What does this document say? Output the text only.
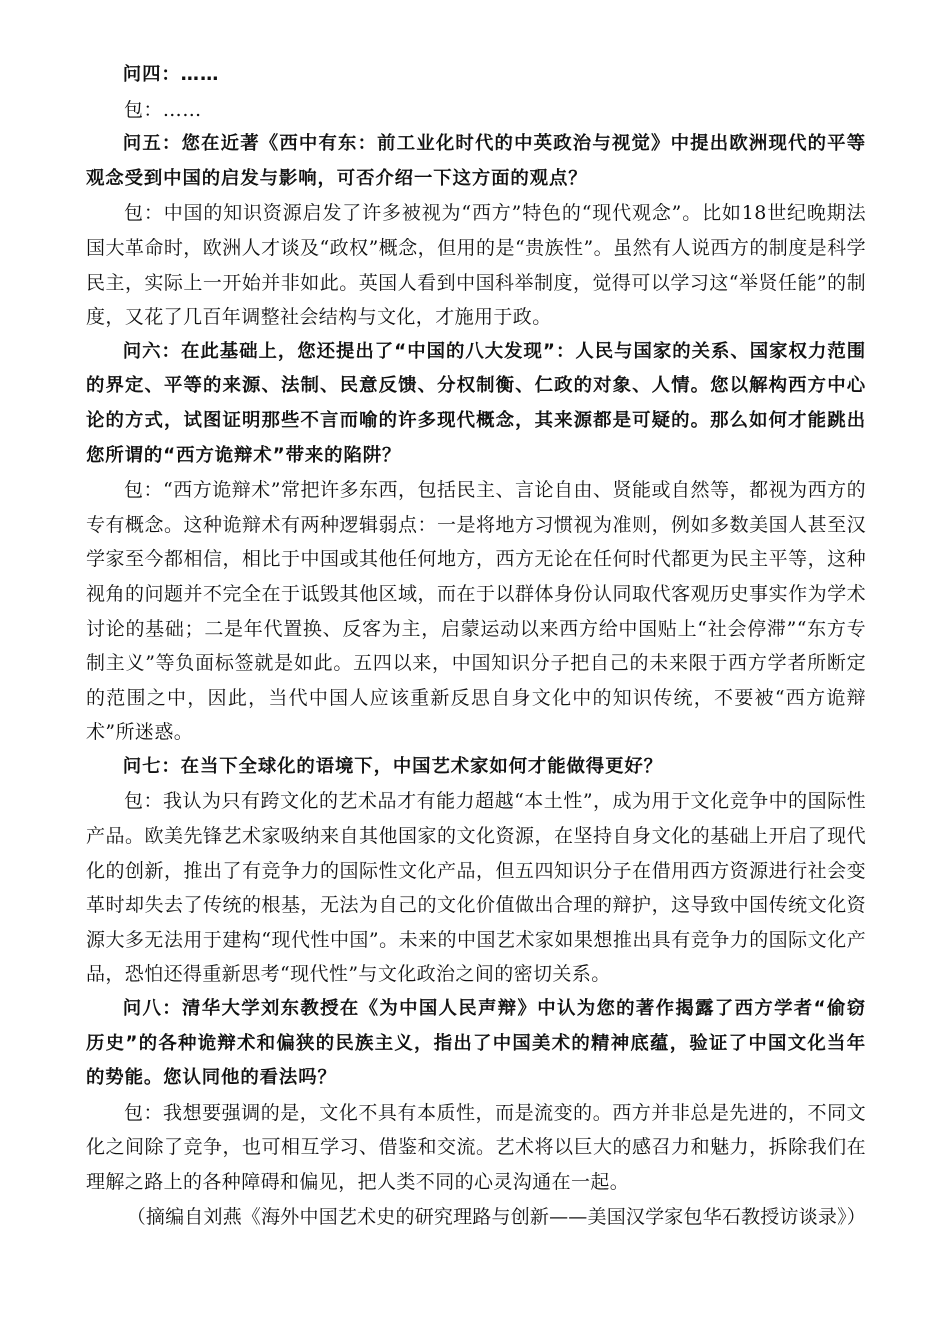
问四：……

包：……

问五：您在近著《西中有东：前工业化时代的中英政治与视觉》中提出欧洲现代的平等观念受到中国的启发与影响，可否介绍一下这方面的观点？

包：中国的知识资源启发了许多被视为“西方”特色的“现代观念”。比如18世纪晚期法国大革命时，欧洲人才谈及“政权”概念，但用的是“贵族性”。虽然有人说西方的制度是科学民主，实际上一开始并非如此。英国人看到中国科举制度，觉得可以学习这“举贤任能”的制度，又花了几百年调整社会结构与文化，才施用于政。

问六：在此基础上，您还提出了“中国的八大发现”：人民与国家的关系、国家权力范围的界定、平等的来源、法制、民意反馈、分权制衡、仁政的对象、人情。您以解构西方中心论的方式，试图证明那些不言而喻的许多现代概念，其来源都是可疑的。那么如何才能跳出您所谓的“西方诡辩术”带来的陷阱？

包：“西方诡辩术”常把许多东西，包括民主、言论自由、贤能或自然等，都视为西方的专有概念。这种诡辩术有两种逻辑弱点：一是将地方习惯视为准则，例如多数美国人甚至汉学家至今都相信，相比于中国或其他任何地方，西方无论在任何时代都更为民主平等，这种视角的问题并不完全在于诋毁其他区域，而在于以群体身份认同取代客观历史事实作为学术讨论的基础；二是年代置换、反客为主，启蒙运动以来西方给中国贴上“社会停滞”“东方专制主义”等负面标签就是如此。五四以来，中国知识分子把自己的未来限于西方学者所断定的范围之中，因此，当代中国人应该重新反思自身文化中的知识传统，不要被“西方诡辩术”所迷惑。

问七：在当下全球化的语境下，中国艺术家如何才能做得更好？

包：我认为只有跨文化的艺术品才有能力超越“本土性”，成为用于文化竞争中的国际性产品。欧美先锋艺术家吸纳来自其他国家的文化资源，在坚持自身文化的基础上开启了现代化的创新，推出了有竞争力的国际性文化产品，但五四知识分子在借用西方资源进行社会变革时却失去了传统的根基，无法为自己的文化价值做出合理的辩护，这导致中国传统文化资源大多无法用于建构“现代性中国”。未来的中国艺术家如果想推出具有竞争力的国际文化产品，恐怕还得重新思考“现代性”与文化政治之间的密切关系。

问八：清华大学刘东教授在《为中国人民声辩》中认为您的著作揭露了西方学者“偷窃历史”的各种诡辩术和偏狭的民族主义，指出了中国美术的精神底蕴，验证了中国文化当年的势能。您认同他的看法吗？

包：我想要强调的是，文化不具有本质性，而是流变的。西方并非总是先进的，不同文化之间除了竞争，也可相互学习、借鉴和交流。艺术将以巨大的感召力和魅力，拆除我们在理解之路上的各种障碍和偏见，把人类不同的心灵沟通在一起。

（摘编自刘燕《海外中国艺术史的研究理路与创新——美国汉学家包华石教授访谈录》）
